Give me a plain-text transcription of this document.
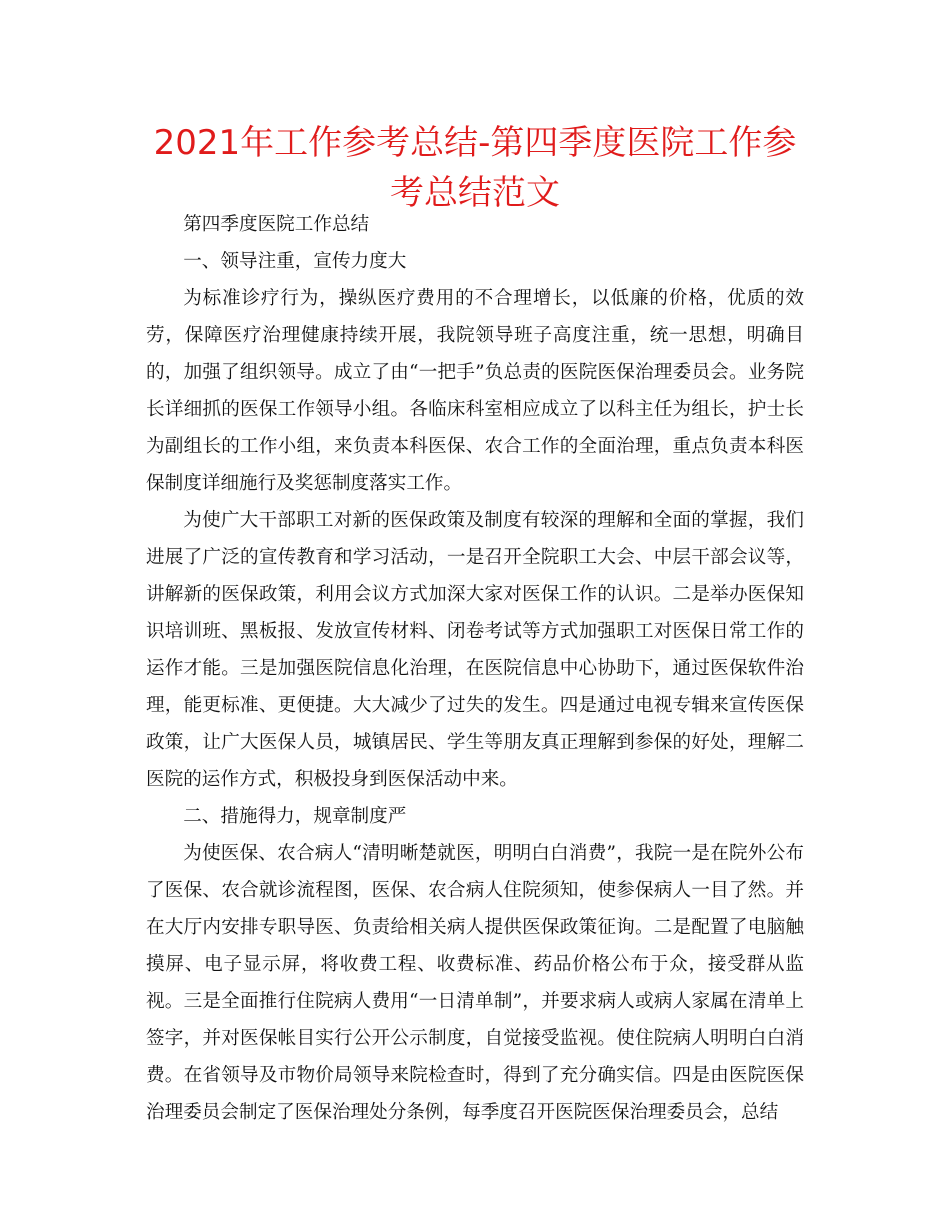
2021年工作参考总结-第四季度医院工作参考总结范文

第四季度医院工作总结

一、领导注重，宣传力度大

为标准诊疗行为，操纵医疗费用的不合理增长，以低廉的价格，优质的效劳，保障医疗治理健康持续开展，我院领导班子高度注重，统一思想，明确目的，加强了组织领导。成立了由“一把手”负总责的医院医保治理委员会。业务院长详细抓的医保工作领导小组。各临床科室相应成立了以科主任为组长，护士长为副组长的工作小组，来负责本科医保、农合工作的全面治理，重点负责本科医保制度详细施行及奖惩制度落实工作。

为使广大干部职工对新的医保政策及制度有较深的理解和全面的掌握，我们进展了广泛的宣传教育和学习活动，一是召开全院职工大会、中层干部会议等，讲解新的医保政策，利用会议方式加深大家对医保工作的认识。二是举办医保知识培训班、黑板报、发放宣传材料、闭卷考试等方式加强职工对医保日常工作的运作才能。三是加强医院信息化治理，在医院信息中心协助下，通过医保软件治理，能更标准、更便捷。大大减少了过失的发生。四是通过电视专辑来宣传医保政策，让广大医保人员，城镇居民、学生等朋友真正理解到参保的好处，理解二医院的运作方式，积极投身到医保活动中来。

二、措施得力，规章制度严

为使医保、农合病人“清明晰楚就医，明明白白消费”，我院一是在院外公布了医保、农合就诊流程图，医保、农合病人住院须知，使参保病人一目了然。并在大厅内安排专职导医、负责给相关病人提供医保政策征询。二是配置了电脑触摸屏、电子显示屏，将收费工程、收费标准、药品价格公布于众，接受群从监视。三是全面推行住院病人费用“一日清单制”，并要求病人或病人家属在清单上签字，并对医保帐目实行公开公示制度，自觉接受监视。使住院病人明明白白消费。在省领导及市物价局领导来院检查时，得到了充分确实信。四是由医院医保治理委员会制定了医保治理处分条例，每季度召开医院医保治理委员会，总结
